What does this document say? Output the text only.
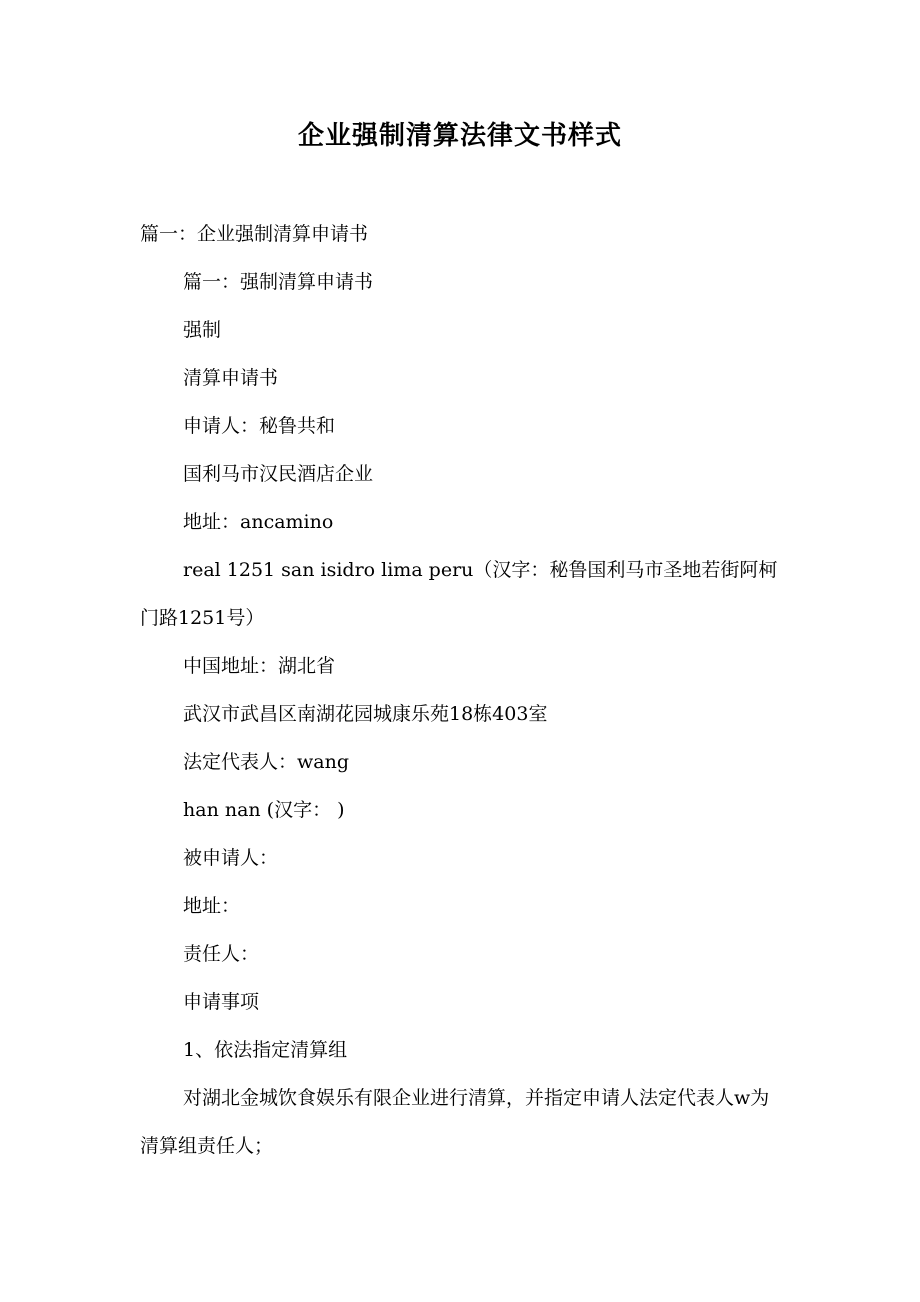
企业强制清算法律文书样式

篇一：企业强制清算申请书

篇一：强制清算申请书

强制

清算申请书

申请人：秘鲁共和

国利马市汉民酒店企业

地址：ancamino

real 1251 san isidro lima peru（汉字：秘鲁国利马市圣地若街阿柯门路1251号）

中国地址：湖北省

武汉市武昌区南湖花园城康乐苑18栋403室

法定代表人：wang

han nan (汉字： )

被申请人：

地址：

责任人：

申请事项

1、依法指定清算组

对湖北金城饮食娱乐有限企业进行清算，并指定申请人法定代表人w为清算组责任人；
